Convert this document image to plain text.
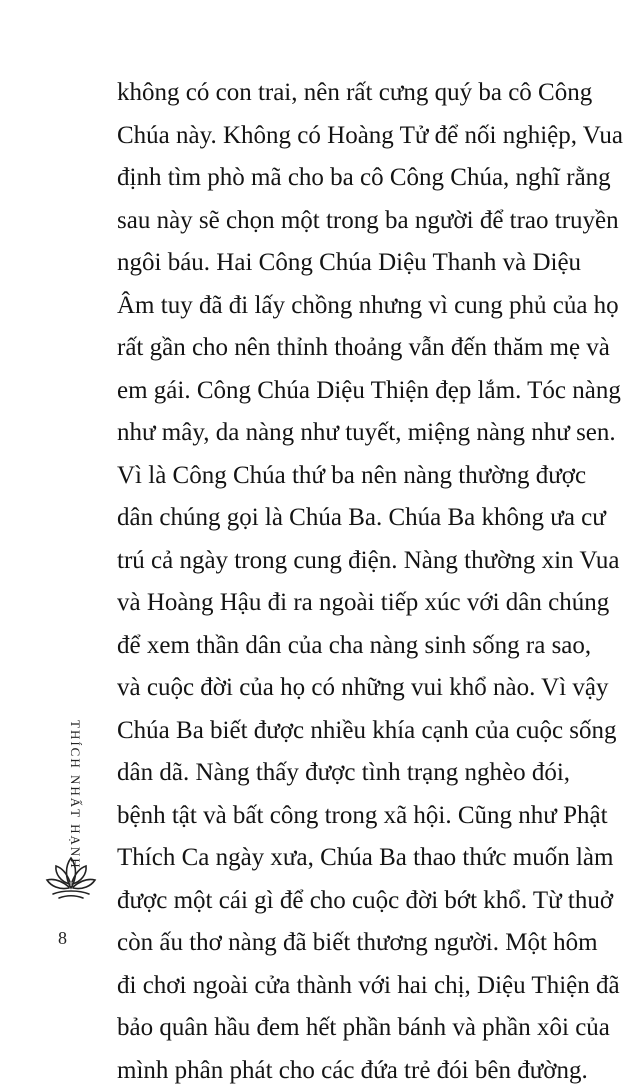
không có con trai, nên rất cưng quý ba cô Công
Chúa này. Không có Hoàng Tử để nối nghiệp, Vua
định tìm phò mã cho ba cô Công Chúa, nghĩ rằng
sau này sẽ chọn một trong ba người để trao truyền
ngôi báu. Hai Công Chúa Diệu Thanh và Diệu
Âm tuy đã đi lấy chồng nhưng vì cung phủ của họ
rất gần cho nên thỉnh thoảng vẫn đến thăm mẹ và
em gái. Công Chúa Diệu Thiện đẹp lắm. Tóc nàng
như mây, da nàng như tuyết, miệng nàng như sen.
Vì là Công Chúa thứ ba nên nàng thường được
dân chúng gọi là Chúa Ba. Chúa Ba không ưa cư
trú cả ngày trong cung điện. Nàng thường xin Vua
và Hoàng Hậu đi ra ngoài tiếp xúc với dân chúng
để xem thần dân của cha nàng sinh sống ra sao,
và cuộc đời của họ có những vui khổ nào. Vì vậy
Chúa Ba biết được nhiều khía cạnh của cuộc sống
dân dã. Nàng thấy được tình trạng nghèo đói,
bệnh tật và bất công trong xã hội. Cũng như Phật
Thích Ca ngày xưa, Chúa Ba thao thức muốn làm
được một cái gì để cho cuộc đời bớt khổ. Từ thuở
còn ấu thơ nàng đã biết thương người. Một hôm
đi chơi ngoài cửa thành với hai chị, Diệu Thiện đã
bảo quân hầu đem hết phần bánh và phần xôi của
mình phân phát cho các đứa trẻ đói bên đường.
THÍCH NHẤT HẠNH
8
